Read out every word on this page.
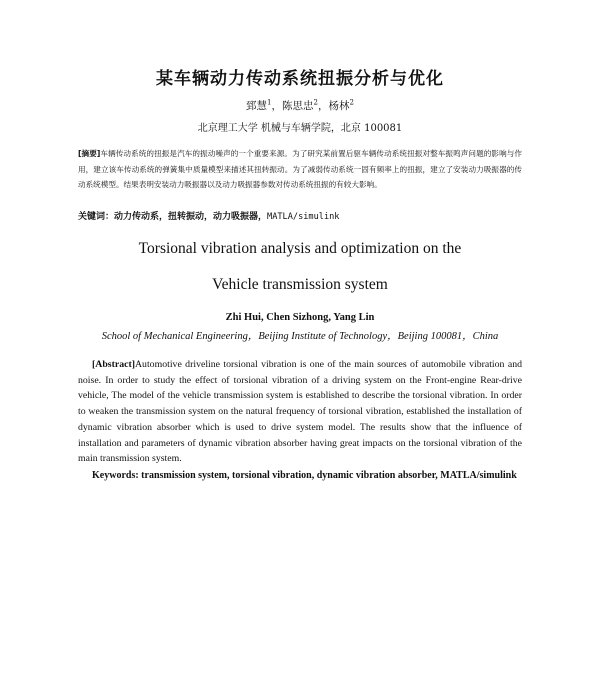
某车辆动力传动系统扭振分析与优化
郅慧$^1$，陈思忠$^2$，杨林$^2$
北京理工大学 机械与车辆学院，北京 100081
[摘要]车辆传动系统的扭振是汽车的振动噪声的一个重要来源。为了研究某前置后驱车辆传动系统扭振对整车振鸣声问题的影响与作用，建立该车传动系统的弹簧集中质量模型来描述其扭转振动。为了减弱传动系统一固有频率上的扭振，建立了安装动力吸振器的传动系统模型。结果表明安装动力吸振器以及动力吸振器参数对传动系统扭振的有较大影响。
关键词：动力传动系，扭转振动，动力吸振器，MATLA/simulink
Torsional vibration analysis and optimization on the
Vehicle transmission system
Zhi Hui, Chen Sizhong, Yang Lin
School of Mechanical Engineering，Beijing Institute of Technology，Beijing 100081，China
[Abstract]Automotive driveline torsional vibration is one of the main sources of automobile vibration and noise. In order to study the effect of torsional vibration of a driving system on the Front-engine Rear-drive vehicle, The model of the vehicle transmission system is established to describe the torsional vibration. In order to weaken the transmission system on the natural frequency of torsional vibration, established the installation of dynamic vibration absorber which is used to drive system model. The results show that the influence of installation and parameters of dynamic vibration absorber having great impacts on the torsional vibration of the main transmission system.
Keywords: transmission system, torsional vibration, dynamic vibration absorber, MATLA/simulink
